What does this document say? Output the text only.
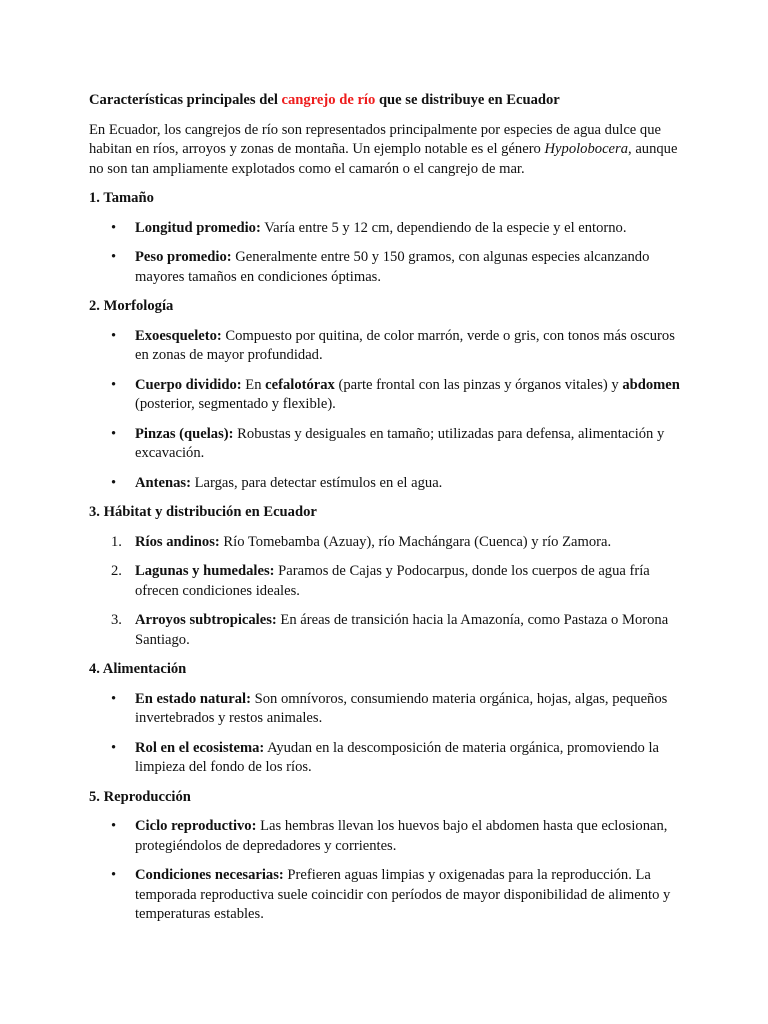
Características principales del cangrejo de río que se distribuye en Ecuador

En Ecuador, los cangrejos de río son representados principalmente por especies de agua dulce que habitan en ríos, arroyos y zonas de montaña. Un ejemplo notable es el género Hypolobocera, aunque no son tan ampliamente explotados como el camarón o el cangrejo de mar.

1. Tamaño

• Longitud promedio: Varía entre 5 y 12 cm, dependiendo de la especie y el entorno.
• Peso promedio: Generalmente entre 50 y 150 gramos, con algunas especies alcanzando mayores tamaños en condiciones óptimas.

2. Morfología

• Exoesqueleto: Compuesto por quitina, de color marrón, verde o gris, con tonos más oscuros en zonas de mayor profundidad.
• Cuerpo dividido: En cefalotórax (parte frontal con las pinzas y órganos vitales) y abdomen (posterior, segmentado y flexible).
• Pinzas (quelas): Robustas y desiguales en tamaño; utilizadas para defensa, alimentación y excavación.
• Antenas: Largas, para detectar estímulos en el agua.

3. Hábitat y distribución en Ecuador

1. Ríos andinos: Río Tomebamba (Azuay), río Machángara (Cuenca) y río Zamora.
2. Lagunas y humedales: Paramos de Cajas y Podocarpus, donde los cuerpos de agua fría ofrecen condiciones ideales.
3. Arroyos subtropicales: En áreas de transición hacia la Amazonía, como Pastaza o Morona Santiago.

4. Alimentación

• En estado natural: Son omnívoros, consumiendo materia orgánica, hojas, algas, pequeños invertebrados y restos animales.
• Rol en el ecosistema: Ayudan en la descomposición de materia orgánica, promoviendo la limpieza del fondo de los ríos.

5. Reproducción

• Ciclo reproductivo: Las hembras llevan los huevos bajo el abdomen hasta que eclosionan, protegiéndolos de depredadores y corrientes.
• Condiciones necesarias: Prefieren aguas limpias y oxigenadas para la reproducción. La temporada reproductiva suele coincidir con períodos de mayor disponibilidad de alimento y temperaturas estables.
